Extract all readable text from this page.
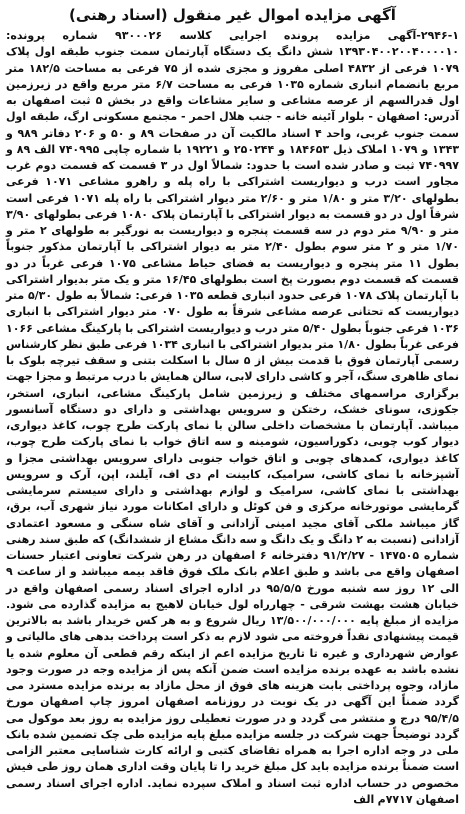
آگهی مزایده اموال غیر منقول (اسناد رهنی)

۲۹۴۶-۱-آگهی مزایده پرونده اجرایی کلاسه ۹۳۰۰۰۲۶ شماره پرونده: ۱۳۹۳۰۴۰۰۲۰۰۴۰۰۰۰۱۰ شش دانگ یک دستگاه آپارتمان سمت جنوب طبقه اول پلاک ۱۰۷۹ فرعی از ۴۸۳۲ اصلی مفروز و مجزی شده از ۷۵ فرعی به مساحت ۱۸۲/۵ متر مربع بانضمام انباری شماره ۱۰۳۵ فرعی به مساحت ۶/۷ متر مربع واقع در زیرزمین اول قدرالسهم از عرصه مشاعی و سایر مشاعات واقع در بخش ۵ ثبت اصفهان به آدرس: اصفهان - بلوار آئینه خانه - جنب هلال احمر - مجتمع مسکونی ارگ، طبقه اول سمت جنوب غربی، واحد ۴ اسناد مالکیت آن در صفحات ۸۹ و ۵۰ و ۲۰۶ دفاتر ۹۸۹ و ۱۳۴۳ و ۱۰۷۹ املاک ذیل ۱۸۴۶۵۳ و ۲۵۰۲۴۴ و ۱۹۲۲۱ با شماره چاپی ۷۴۰۹۹۵ الف ۸۹ و ۷۴۰۹۹۷ ثبت و صادر شده است با حدود: شمالاً اول در ۳ قسمت که قسمت دوم غرب مجاور است درب و دیواریست اشتراکی با راه پله و راهرو مشاعی ۱۰۷۱ فرعی بطولهای ۳/۲۰ متر و ۱/۸۰ متر و ۲/۶۰ متر دیوار اشتراکی با راه پله ۱۰۷۱ فرعی است شرقاً اول در دو قسمت به دیوار اشتراکی با آپارتمان پلاک ۱۰۸۰ فرعی بطولهای ۳/۹۰ متر و ۹/۹۰ متر دوم در سه قسمت پنجره و دیواریست به نورگیر به طولهای ۲ متر و ۱/۷۰ متر و ۲ متر سوم بطول ۲/۴۰ متر به دیوار اشتراکی با آپارتمان مذکور جنوباً بطول ۱۱ متر پنجره و دیواریست به فضای حیاط مشاعی ۱۰۷۵ فرعی غرباً در دو قسمت که قسمت دوم بصورت پخ است بطولهای ۱۶/۴۵ متر و یک متر بدیوار اشتراکی با آپارتمان پلاک ۱۰۷۸ فرعی حدود انباری قطعه ۱۰۳۵ فرعی: شمالاً به طول ۵/۳۰ متر دیواریست که تحتانی عرصه مشاعی شرقاً به طول ۰۷۰ متر دیوار اشتراکی با انباری ۱۰۳۶ فرعی جنوباً بطول ۵/۴۰ متر درب و دیواریست اشتراکی با پارکینگ مشاعی ۱۰۶۶ فرعی غرباً بطول ۱/۸۰ متر بدیوار اشتراکی با انباری ۱۰۳۴ فرعی طبق نظر کارشناس رسمی آپارتمان فوق با قدمت بیش از ۵ سال با اسکلت بتنی و سقف تیرچه بلوک با نمای ظاهری سنگ، آجر و کاشی دارای لابی، سالن همایش با درب مرتبط و مجزا جهت برگزاری مراسمهای مختلف و زیرزمین شامل پارکینگ مشاعی، انباری، استخر، جکوزی، سونای خشک، رختکن و سرویس بهداشتی و دارای دو دستگاه آسانسور میباشد. آپارتمان با مشخصات داخلی سالن با نمای پارکت طرح چوب، کاغذ دیواری، دیوار کوب چوبی، دکوراسیون، شومینه و سه اتاق خواب با نمای پارکت طرح چوب، کاغذ دیواری، کمدهای چوبی و اتاق خواب جنوبی دارای سرویس بهداشتی مجزا و آشپزخانه با نمای کاشی، سرامیک، کابینت ام دی اف، آیلند، اپن، آرک و سرویس بهداشتی با نمای کاشی، سرامیک و لوازم بهداشتی و دارای سیستم سرمایشی گرمایشی موتورخانه مرکزی و فن کوئل و دارای امکانات مورد نیاز شهری آب، برق، گاز میباشد ملکی آقای مجید امینی آزادانی و آقای شاه سنگی و مسعود اعتمادی آزادانی (نسبت به ۲ دانگ و یک دانگ و سه دانگ مشاع از ششدانگ) که طبق سند رهنی شماره ۱۴۷۵۰۵ - ۹۱/۲/۲۷ دفترخانه ۶ اصفهان در رهن شرکت تعاونی اعتبار حسنات اصفهان واقع می باشد و طبق اعلام بانک ملک فوق فاقد بیمه میباشد و از ساعت ۹ الی ۱۲ روز سه شنبه مورخ ۹۵/۵/۵ در اداره اجرای اسناد رسمی اصفهان واقع در خیابان هشت بهشت شرقی - چهارراه لول خیابان لاهیج به مزایده گذارده می شود. مزایده از مبلغ پایه ۱۳/۵۰۰/۰۰۰/۰۰۰ ریال شروع و به هر کس خریدار باشد به بالاترین قیمت پیشنهادی نقداً فروخته می شود لازم به ذکر است پرداخت بدهی های مالیاتی و عوارض شهرداری و غیره تا تاریخ مزایده اعم از اینکه رقم قطعی آن معلوم شده یا نشده باشد به عهده برنده مزایده است ضمن آنکه پس از مزایده وجه در صورت وجود مازاد، وجوه پرداختی بابت هزینه های فوق از محل مازاد به برنده مزایده مسترد می گردد ضمناً این آگهی در یک نوبت در روزنامه اصفهان امروز چاپ اصفهان مورخ ۹۵/۴/۵ درج و منتشر می گردد و در صورت تعطیلی روز مزایده به روز بعد موکول می گردد توضیحاً جهت شرکت در جلسه مزایده مبلغ پایه مزایده طی چک تضمین شده بانک ملی در وجه اداره اجرا به همراه تقاضای کتبی و ارائه کارت شناسایی معتبر الزامی است ضمناً برنده مزایده باید کل مبلغ خرید را تا پایان وقت اداری همان روز طی فیش مخصوص در حساب اداره ثبت اسناد و املاک سپرده نماید. اداره اجرای اسناد رسمی اصفهان ۷۷۱۷م الف
